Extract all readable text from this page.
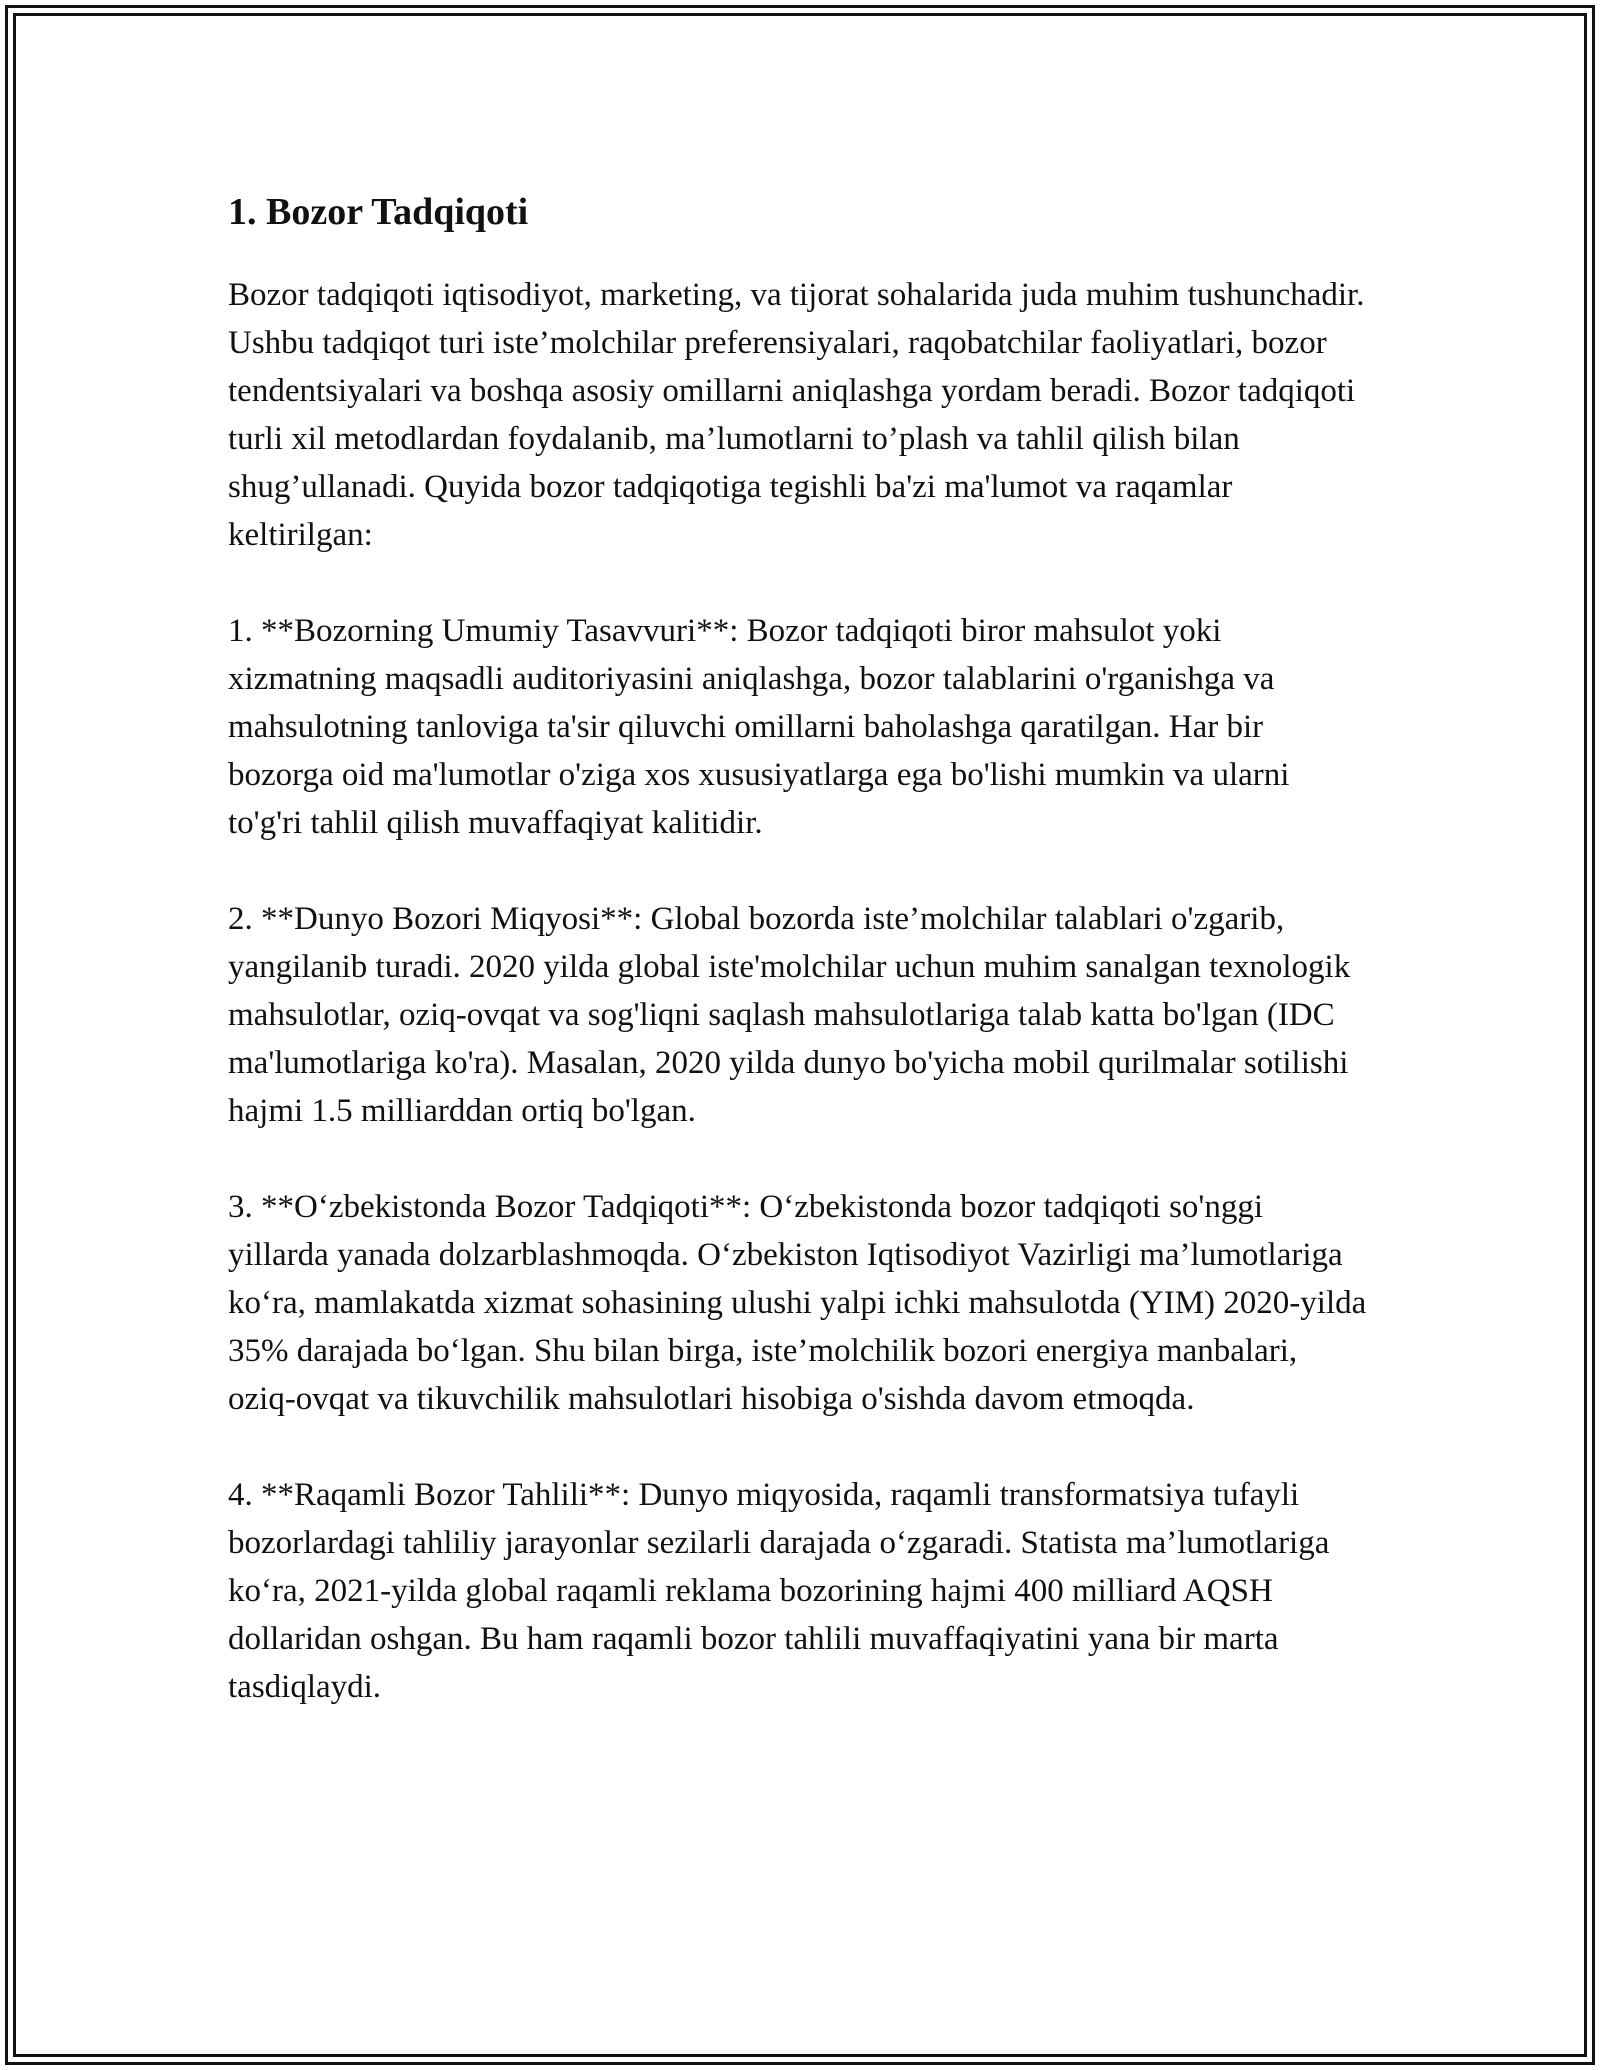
1. Bozor Tadqiqoti

Bozor tadqiqoti iqtisodiyot, marketing, va tijorat sohalarida juda muhim tushunchadir. Ushbu tadqiqot turi iste’molchilar preferensiyalari, raqobatchilar faoliyatlari, bozor tendentsiyalari va boshqa asosiy omillarni aniqlashga yordam beradi. Bozor tadqiqoti turli xil metodlardan foydalanib, ma’lumotlarni to’plash va tahlil qilish bilan shug’ullanadi. Quyida bozor tadqiqotiga tegishli ba'zi ma'lumot va raqamlar keltirilgan:

1. **Bozorning Umumiy Tasavvuri**: Bozor tadqiqoti biror mahsulot yoki xizmatning maqsadli auditoriyasini aniqlashga, bozor talablarini o'rganishga va mahsulotning tanloviga ta'sir qiluvchi omillarni baholashga qaratilgan. Har bir bozorga oid ma'lumotlar o'ziga xos xususiyatlarga ega bo'lishi mumkin va ularni to'g'ri tahlil qilish muvaffaqiyat kalitidir.

2. **Dunyo Bozori Miqyosi**: Global bozorda iste’molchilar talablari o'zgarib, yangilanib turadi. 2020 yilda global iste'molchilar uchun muhim sanalgan texnologik mahsulotlar, oziq-ovqat va sog'liqni saqlash mahsulotlariga talab katta bo'lgan (IDC ma'lumotlariga ko'ra). Masalan, 2020 yilda dunyo bo'yicha mobil qurilmalar sotilishi hajmi 1.5 milliarddan ortiq bo'lgan.

3. **O‘zbekistonda Bozor Tadqiqoti**: O‘zbekistonda bozor tadqiqoti so'nggi yillarda yanada dolzarblashmoqda. O‘zbekiston Iqtisodiyot Vazirligi ma’lumotlariga ko‘ra, mamlakatda xizmat sohasining ulushi yalpi ichki mahsulotda (YIM) 2020-yilda 35% darajada bo‘lgan. Shu bilan birga, iste’molchilik bozori energiya manbalari, oziq-ovqat va tikuvchilik mahsulotlari hisobiga o'sishda davom etmoqda.

4. **Raqamli Bozor Tahlili**: Dunyo miqyosida, raqamli transformatsiya tufayli bozorlardagi tahliliy jarayonlar sezilarli darajada o‘zgaradi. Statista ma’lumotlariga ko‘ra, 2021-yilda global raqamli reklama bozorining hajmi 400 milliard AQSH dollaridan oshgan. Bu ham raqamli bozor tahlili muvaffaqiyatini yana bir marta tasdiqlaydi.
